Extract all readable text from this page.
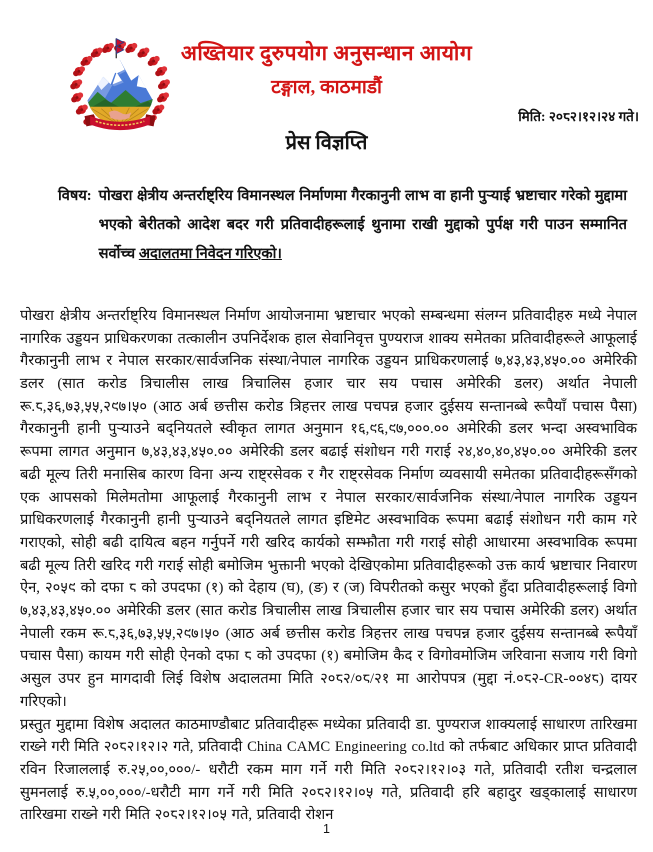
अख्तियार दुरुपयोग अनुसन्धान आयोग
टङ्गाल, काठमाडौं
मिति: २०८२।१२।२४ गते।
प्रेस विज्ञप्ति
विषय: पोखरा क्षेत्रीय अन्तर्राष्ट्रिय विमानस्थल निर्माणमा गैरकानुनी लाभ वा हानी पुऱ्याई भ्रष्टाचार गरेको मुद्दामा भएको बेरीतको आदेश बदर गरी प्रतिवादीहरूलाई थुनामा राखी मुद्दाको पुर्पक्ष गरी पाउन सम्मानित सर्वोच्च अदालतमा निवेदन गरिएको।

पोखरा क्षेत्रीय अन्तर्राष्ट्रिय विमानस्थल निर्माण आयोजनामा भ्रष्टाचार भएको सम्बन्धमा संलग्न प्रतिवादीहरु मध्ये नेपाल नागरिक उड्डयन प्राधिकरणका तत्कालीन उपनिर्देशक हाल सेवानिवृत्त पुण्यराज शाक्य समेतका प्रतिवादीहरूले आफूलाई गैरकानुनी लाभ र नेपाल सरकार/सार्वजनिक संस्था/नेपाल नागरिक उड्डयन प्राधिकरणलाई ७,४३,४३,४५०.०० अमेरिकी डलर (सात करोड त्रिचालीस लाख त्रिचालिस हजार चार सय पचास अमेरिकी डलर) अर्थात नेपाली रू.८,३६,७३,५५,२९७।५० (आठ अर्ब छत्तीस करोड त्रिहत्तर लाख पचपन्न हजार दुईसय सन्तानब्बे रूपैयाँ पचास पैसा) गैरकानुनी हानी पुऱ्याउने बद्नियतले स्वीकृत लागत अनुमान १६,९६,९७,०००.०० अमेरिकी डलर भन्दा अस्वभाविक रूपमा लागत अनुमान ७,४३,४३,४५०.०० अमेरिकी डलर बढाई संशोधन गरी गराई २४,४०,४०,४५०.०० अमेरिकी डलर बढी मूल्य तिरी मनासिब कारण विना अन्य राष्ट्रसेवक र गैर राष्ट्रसेवक निर्माण व्यवसायी समेतका प्रतिवादीहरूसँगको एक आपसको मिलेमतोमा आफूलाई गैरकानुनी लाभ र नेपाल सरकार/सार्वजनिक संस्था/नेपाल नागरिक उड्डयन प्राधिकरणलाई गैरकानुनी हानी पुऱ्याउने बद्नियतले लागत इष्टिमेट अस्वभाविक रूपमा बढाई संशोधन गरी काम गरे गराएको, सोही बढी दायित्व बहन गर्नुपर्ने गरी खरिद कार्यको सम्झौता गरी गराई सोही आधारमा अस्वभाविक रूपमा बढी मूल्य तिरी खरिद गरी गराई सोही बमोजिम भुक्तानी भएको देखिएकोमा प्रतिवादीहरूको उक्त कार्य भ्रष्टाचार निवारण ऐन, २०५९ को दफा ८ को उपदफा (१) को देहाय (घ), (ङ) र (ज) विपरीतको कसुर भएको हुँदा प्रतिवादीहरूलाई विगो ७,४३,४३,४५०.०० अमेरिकी डलर (सात करोड त्रिचालीस लाख त्रिचालीस हजार चार सय पचास अमेरिकी डलर) अर्थात नेपाली रकम रू.८,३६,७३,५५,२९७।५० (आठ अर्ब छत्तीस करोड त्रिहत्तर लाख पचपन्न हजार दुईसय सन्तानब्बे रूपैयाँ पचास पैसा) कायम गरी सोही ऐनको दफा ८ को उपदफा (१) बमोजिम कैद र विगोवमोजिम जरिवाना सजाय गरी विगो असुल उपर हुन मागदावी लिई विशेष अदालतमा मिति २०८२/०८/२१ मा आरोपपत्र (मुद्दा नं.०८२-CR-००४८) दायर गरिएको।

प्रस्तुत मुद्दामा विशेष अदालत काठमाण्डौबाट प्रतिवादीहरू मध्येका प्रतिवादी डा. पुण्यराज शाक्यलाई साधारण तारिखमा राख्ने गरी मिति २०८२।१२।२ गते, प्रतिवादी China CAMC Engineering co.ltd को तर्फबाट अधिकार प्राप्त प्रतिवादी रविन रिजाललाई रु.२५,००,०००/- धरौटी रकम माग गर्ने गरी मिति २०८२।१२।०३ गते, प्रतिवादी रतीश चन्द्रलाल सुमनलाई रु.५,००,०००/-धरौटी माग गर्ने गरी मिति २०८२।१२।०५ गते, प्रतिवादी हरि बहादुर खड्कालाई साधारण तारिखमा राख्ने गरी मिति २०८२।१२।०५ गते, प्रतिवादी रोशन

1
